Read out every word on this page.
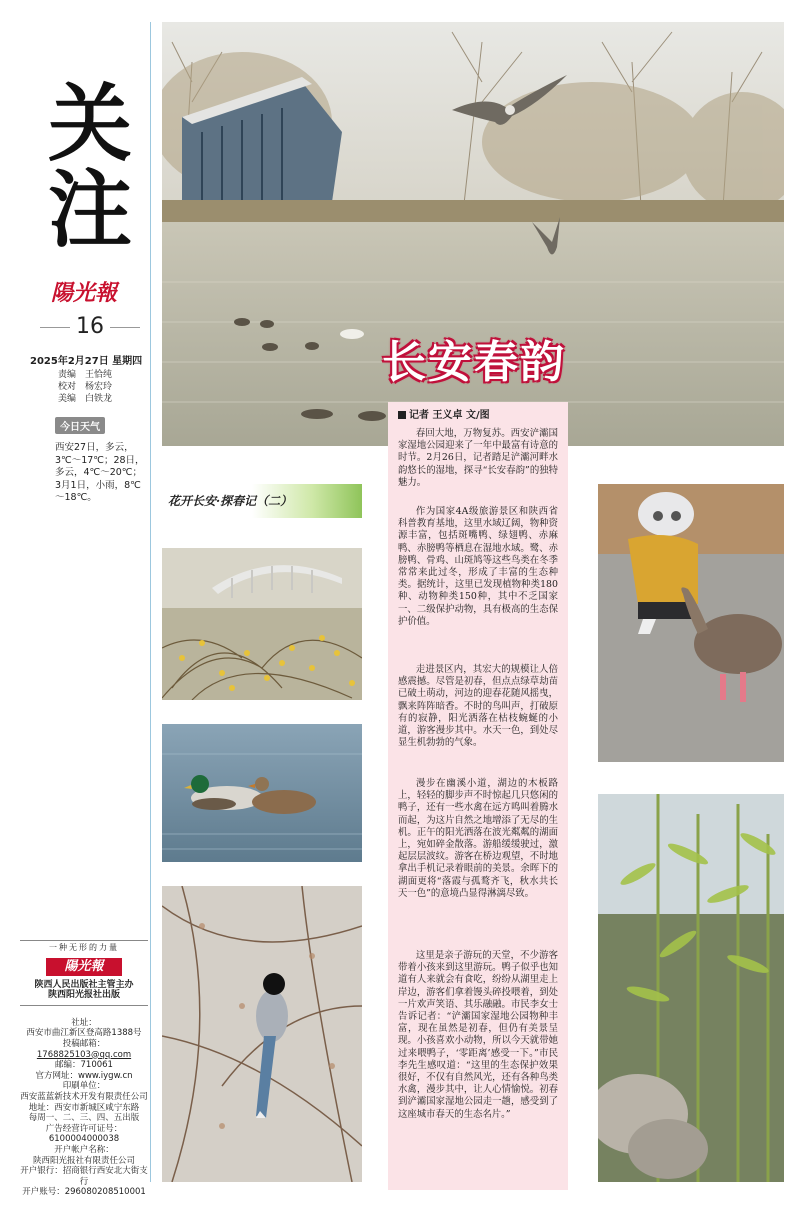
关
注
陽光報
16
2025年2月27日 星期四
责编　王恰纯
校对　杨宏玲
美编　白铁龙
今日天气
西安27日，多云，3℃～17℃；28日，多云，4℃～20℃；3月1日，小雨，8℃～18℃。
一种无形的力量
陽光報
陕西人民出版社主管主办
陕西阳光报社出版
社址：
西安市曲江新区登高路1388号
投稿邮箱：
1768825103@qq.com
邮编：710061
官方网址：www.iygw.cn
印刷单位：
西安蓝蓝新技术开发有限责任公司
地址：西安市新城区咸宁东路
每周一、二、三、四、五出版
广告经营许可证号：
6100004000038
开户帐户名称：
陕西阳光报社有限责任公司
开户银行：招商银行西安北大街支行
开户账号：296080208510001
长安春韵
记者 王义卓 文/图
春回大地，万物复苏。西安浐灞国家湿地公园迎来了一年中最富有诗意的时节。2月26日，记者踏足浐灞河畔水韵悠长的湿地，探寻“长安春韵”的独特魅力。
作为国家4A级旅游景区和陕西省科普教育基地，这里水域辽阔，物种资源丰富，包括斑嘴鸭、绿翅鸭、赤麻鸭、赤膀鸭等栖息在湿地水域。鹭、赤膀鸭、骨鸡、山斑鸠等这些鸟类在冬季常常来此过冬，形成了丰富的生态种类。据统计，这里已发现植物种类180种、动物种类150种，其中不乏国家一、二级保护动物，具有极高的生态保护价值。
走进景区内，其宏大的规模让人倍感震撼。尽管是初春，但点点绿草劫苗已破土萌动，河边的迎春花随风摇曳，飘来阵阵暗香。不时的鸟叫声，打破原有的寂静，阳光洒落在枯枝蜿蜒的小道，游客漫步其中。水天一色，到处尽显生机勃勃的气象。
漫步在幽溪小道，湖边的木板路上，轻轻的脚步声不时惊起几只悠闲的鸭子，还有一些水禽在远方鸣叫着腾水而起，为这片自然之地增添了无尽的生机。正午的阳光洒落在波光粼粼的湖面上，宛如碎金散落。游船缓缓驶过，激起层层波纹。游客在桥边观望，不时地拿出手机记录着眼前的美景。余晖下的湖面更将“落霞与孤鹜齐飞，秋水共长天一色”的意境凸显得淋漓尽致。
这里是亲子游玩的天堂，不少游客带着小孩来到这里游玩。鸭子似乎也知道有人来就会有食吃，纷纷从湖里走上岸边，游客们拿着馒头碎投喂着，到处一片欢声笑语、其乐融融。市民李女士告诉记者：“浐灞国家湿地公园物种丰富，现在虽然是初春，但仍有美景呈现。小孩喜欢小动物，所以今天就带她过来喂鸭子，‘零距离’感受一下。”市民李先生感叹道：“这里的生态保护效果很好，不仅有自然风光，还有各种鸟类水禽，漫步其中，让人心情愉悦。初春到浐灞国家湿地公园走一趟，感受到了这座城市春天的生态名片。”
花开长安·探春记（二）
